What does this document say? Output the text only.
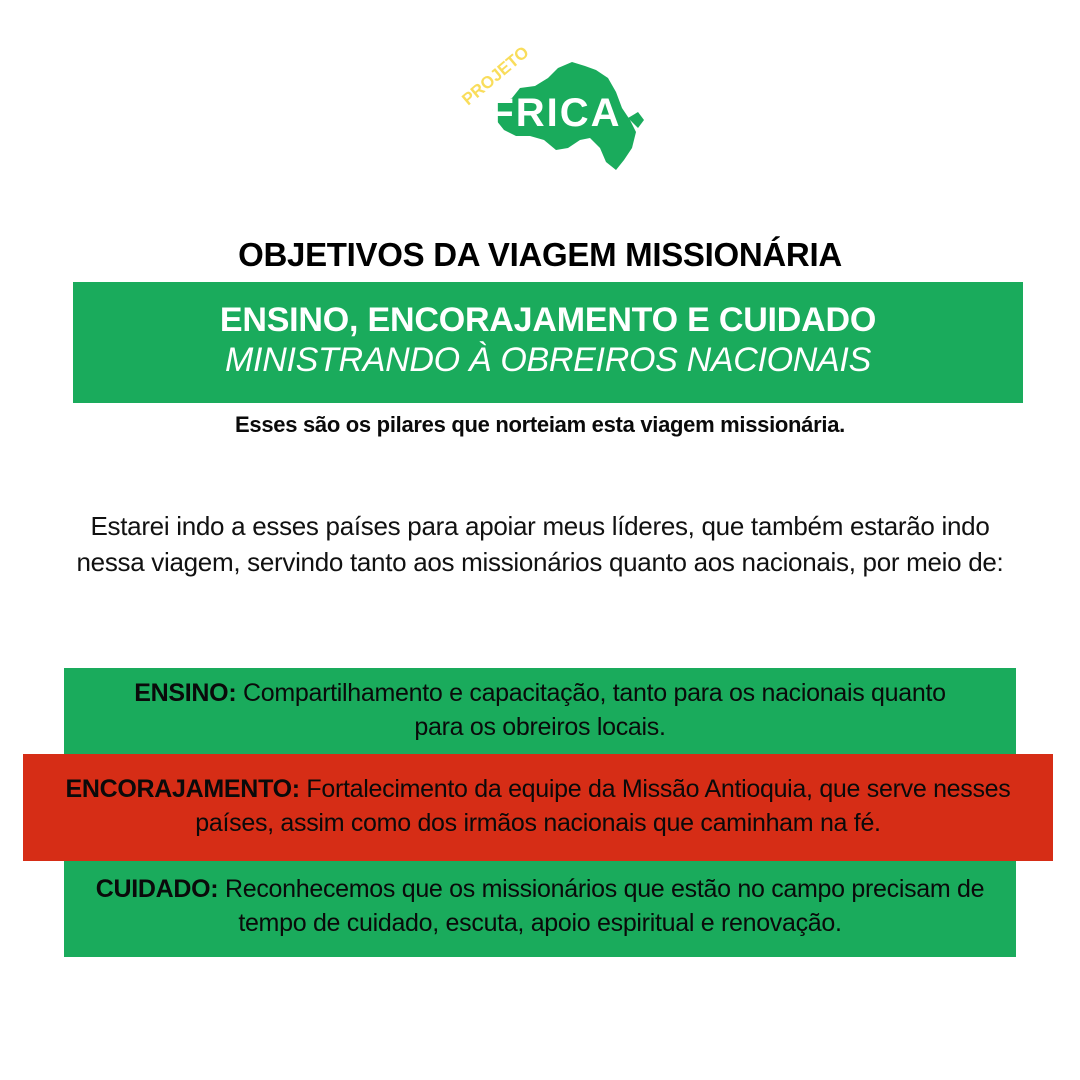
AFRICA
PROJETO
OBJETIVOS DA VIAGEM MISSIONÁRIA
ENSINO, ENCORAJAMENTO E CUIDADO
MINISTRANDO À OBREIROS NACIONAIS
Esses são os pilares que norteiam esta viagem missionária.
Estarei indo a esses países para apoiar meus líderes, que também estarão indo nessa viagem, servindo tanto aos missionários quanto aos nacionais, por meio de:
ENSINO: Compartilhamento e capacitação, tanto para os nacionais quanto para os obreiros locais.
CUIDADO: Reconhecemos que os missionários que estão no campo precisam de tempo de cuidado, escuta, apoio espiritual e renovação.
ENCORAJAMENTO: Fortalecimento da equipe da Missão Antioquia, que serve nesses países, assim como dos irmãos nacionais que caminham na fé.
